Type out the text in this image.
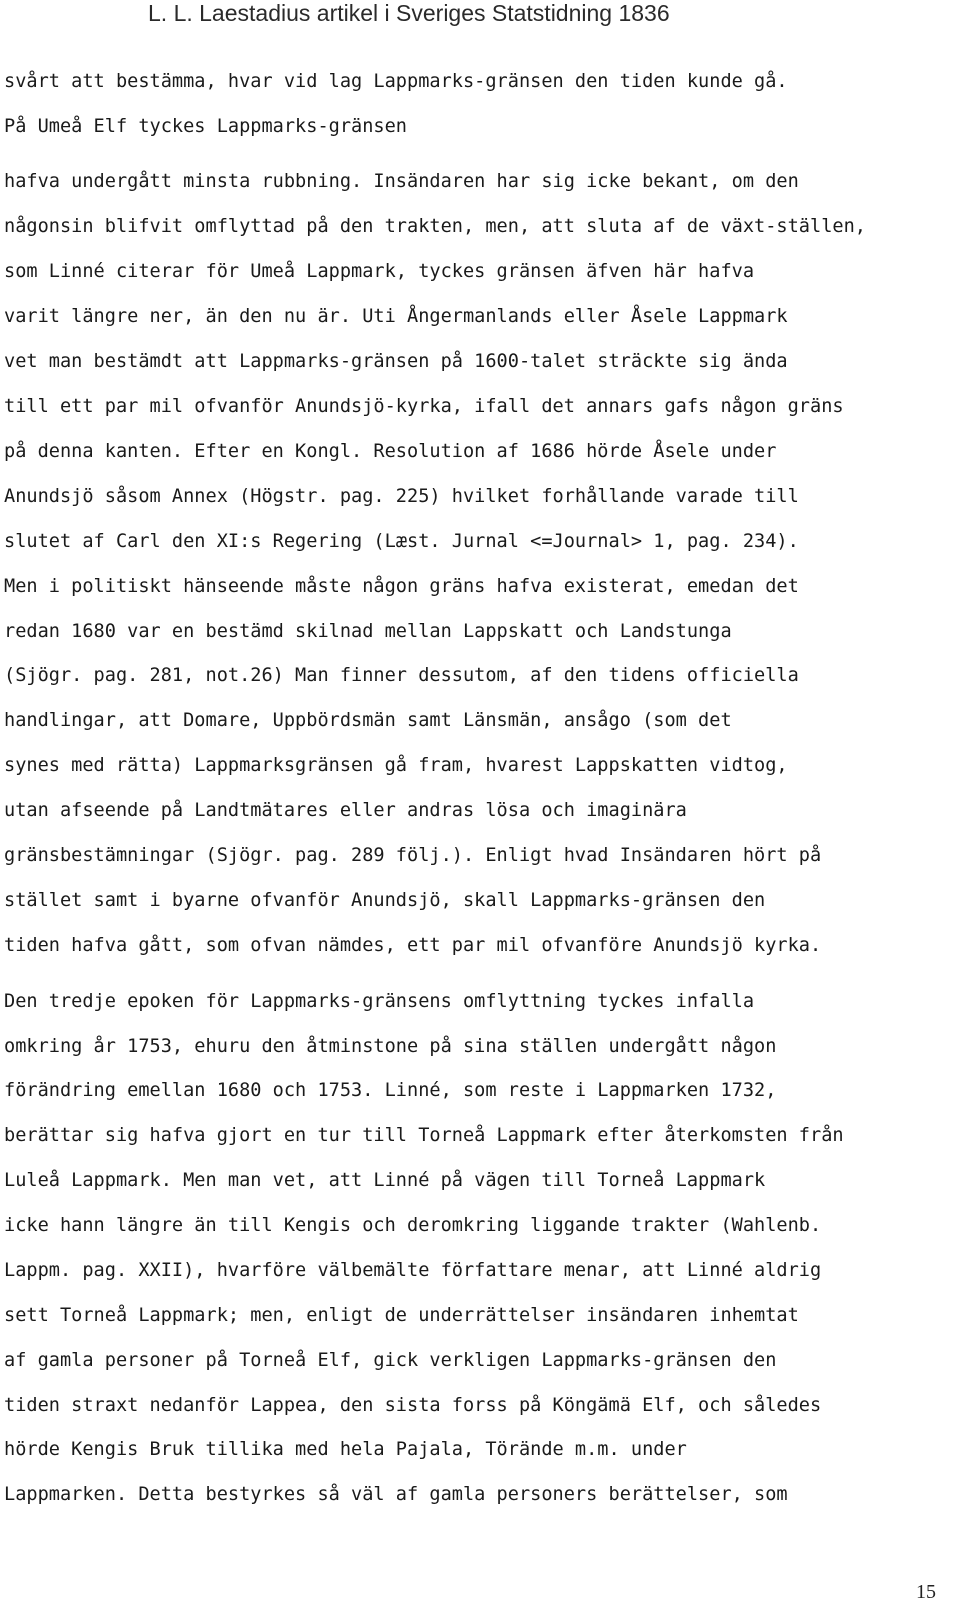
L. L. Laestadius artikel i Sveriges Statstidning 1836
svårt att bestämma, hvar vid lag Lappmarks-gränsen den tiden kunde gå.
På Umeå Elf tyckes Lappmarks-gränsen
hafva undergått minsta rubbning. Insändaren har sig icke bekant, om den
någonsin blifvit omflyttad på den trakten, men, att sluta af de växt-ställen,
som Linné citerar för Umeå Lappmark, tyckes gränsen äfven här hafva
varit längre ner, än den nu är. Uti Ångermanlands eller Åsele Lappmark
vet man bestämdt att Lappmarks-gränsen på 1600-talet sträckte sig ända
till ett par mil ofvanför Anundsjö-kyrka, ifall det annars gafs någon gräns
på denna kanten. Efter en Kongl. Resolution af 1686 hörde Åsele under
Anundsjö såsom Annex (Högstr. pag. 225) hvilket forhållande varade till
slutet af Carl den XI:s Regering (Læst. Jurnal <=Journal> 1, pag. 234).
Men i politiskt hänseende måste någon gräns hafva existerat, emedan det
redan 1680 var en bestämd skilnad mellan Lappskatt och Landstunga
(Sjögr. pag. 281, not.26) Man finner dessutom, af den tidens officiella
handlingar, att Domare, Uppbördsmän samt Länsmän, ansågo (som det
synes med rätta) Lappmarksgränsen gå fram, hvarest Lappskatten vidtog,
utan afseende på Landtmätares eller andras lösa och imaginära
gränsbestämningar (Sjögr. pag. 289 följ.). Enligt hvad Insändaren hört på
stället samt i byarne ofvanför Anundsjö, skall Lappmarks-gränsen den
tiden hafva gått, som ofvan nämdes, ett par mil ofvanföre Anundsjö kyrka.
Den tredje epoken för Lappmarks-gränsens omflyttning tyckes infalla
omkring år 1753, ehuru den åtminstone på sina ställen undergått någon
förändring emellan 1680 och 1753. Linné, som reste i Lappmarken 1732,
berättar sig hafva gjort en tur till Torneå Lappmark efter återkomsten från
Luleå Lappmark. Men man vet, att Linné på vägen till Torneå Lappmark
icke hann längre än till Kengis och deromkring liggande trakter (Wahlenb.
Lappm. pag. XXII), hvarföre välbemälte författare menar, att Linné aldrig
sett Torneå Lappmark; men, enligt de underrättelser insändaren inhemtat
af gamla personer på Torneå Elf, gick verkligen Lappmarks-gränsen den
tiden straxt nedanför Lappea, den sista forss på Köngämä Elf, och således
hörde Kengis Bruk tillika med hela Pajala, Törände m.m. under
Lappmarken. Detta bestyrkes så väl af gamla personers berättelser, som
15
